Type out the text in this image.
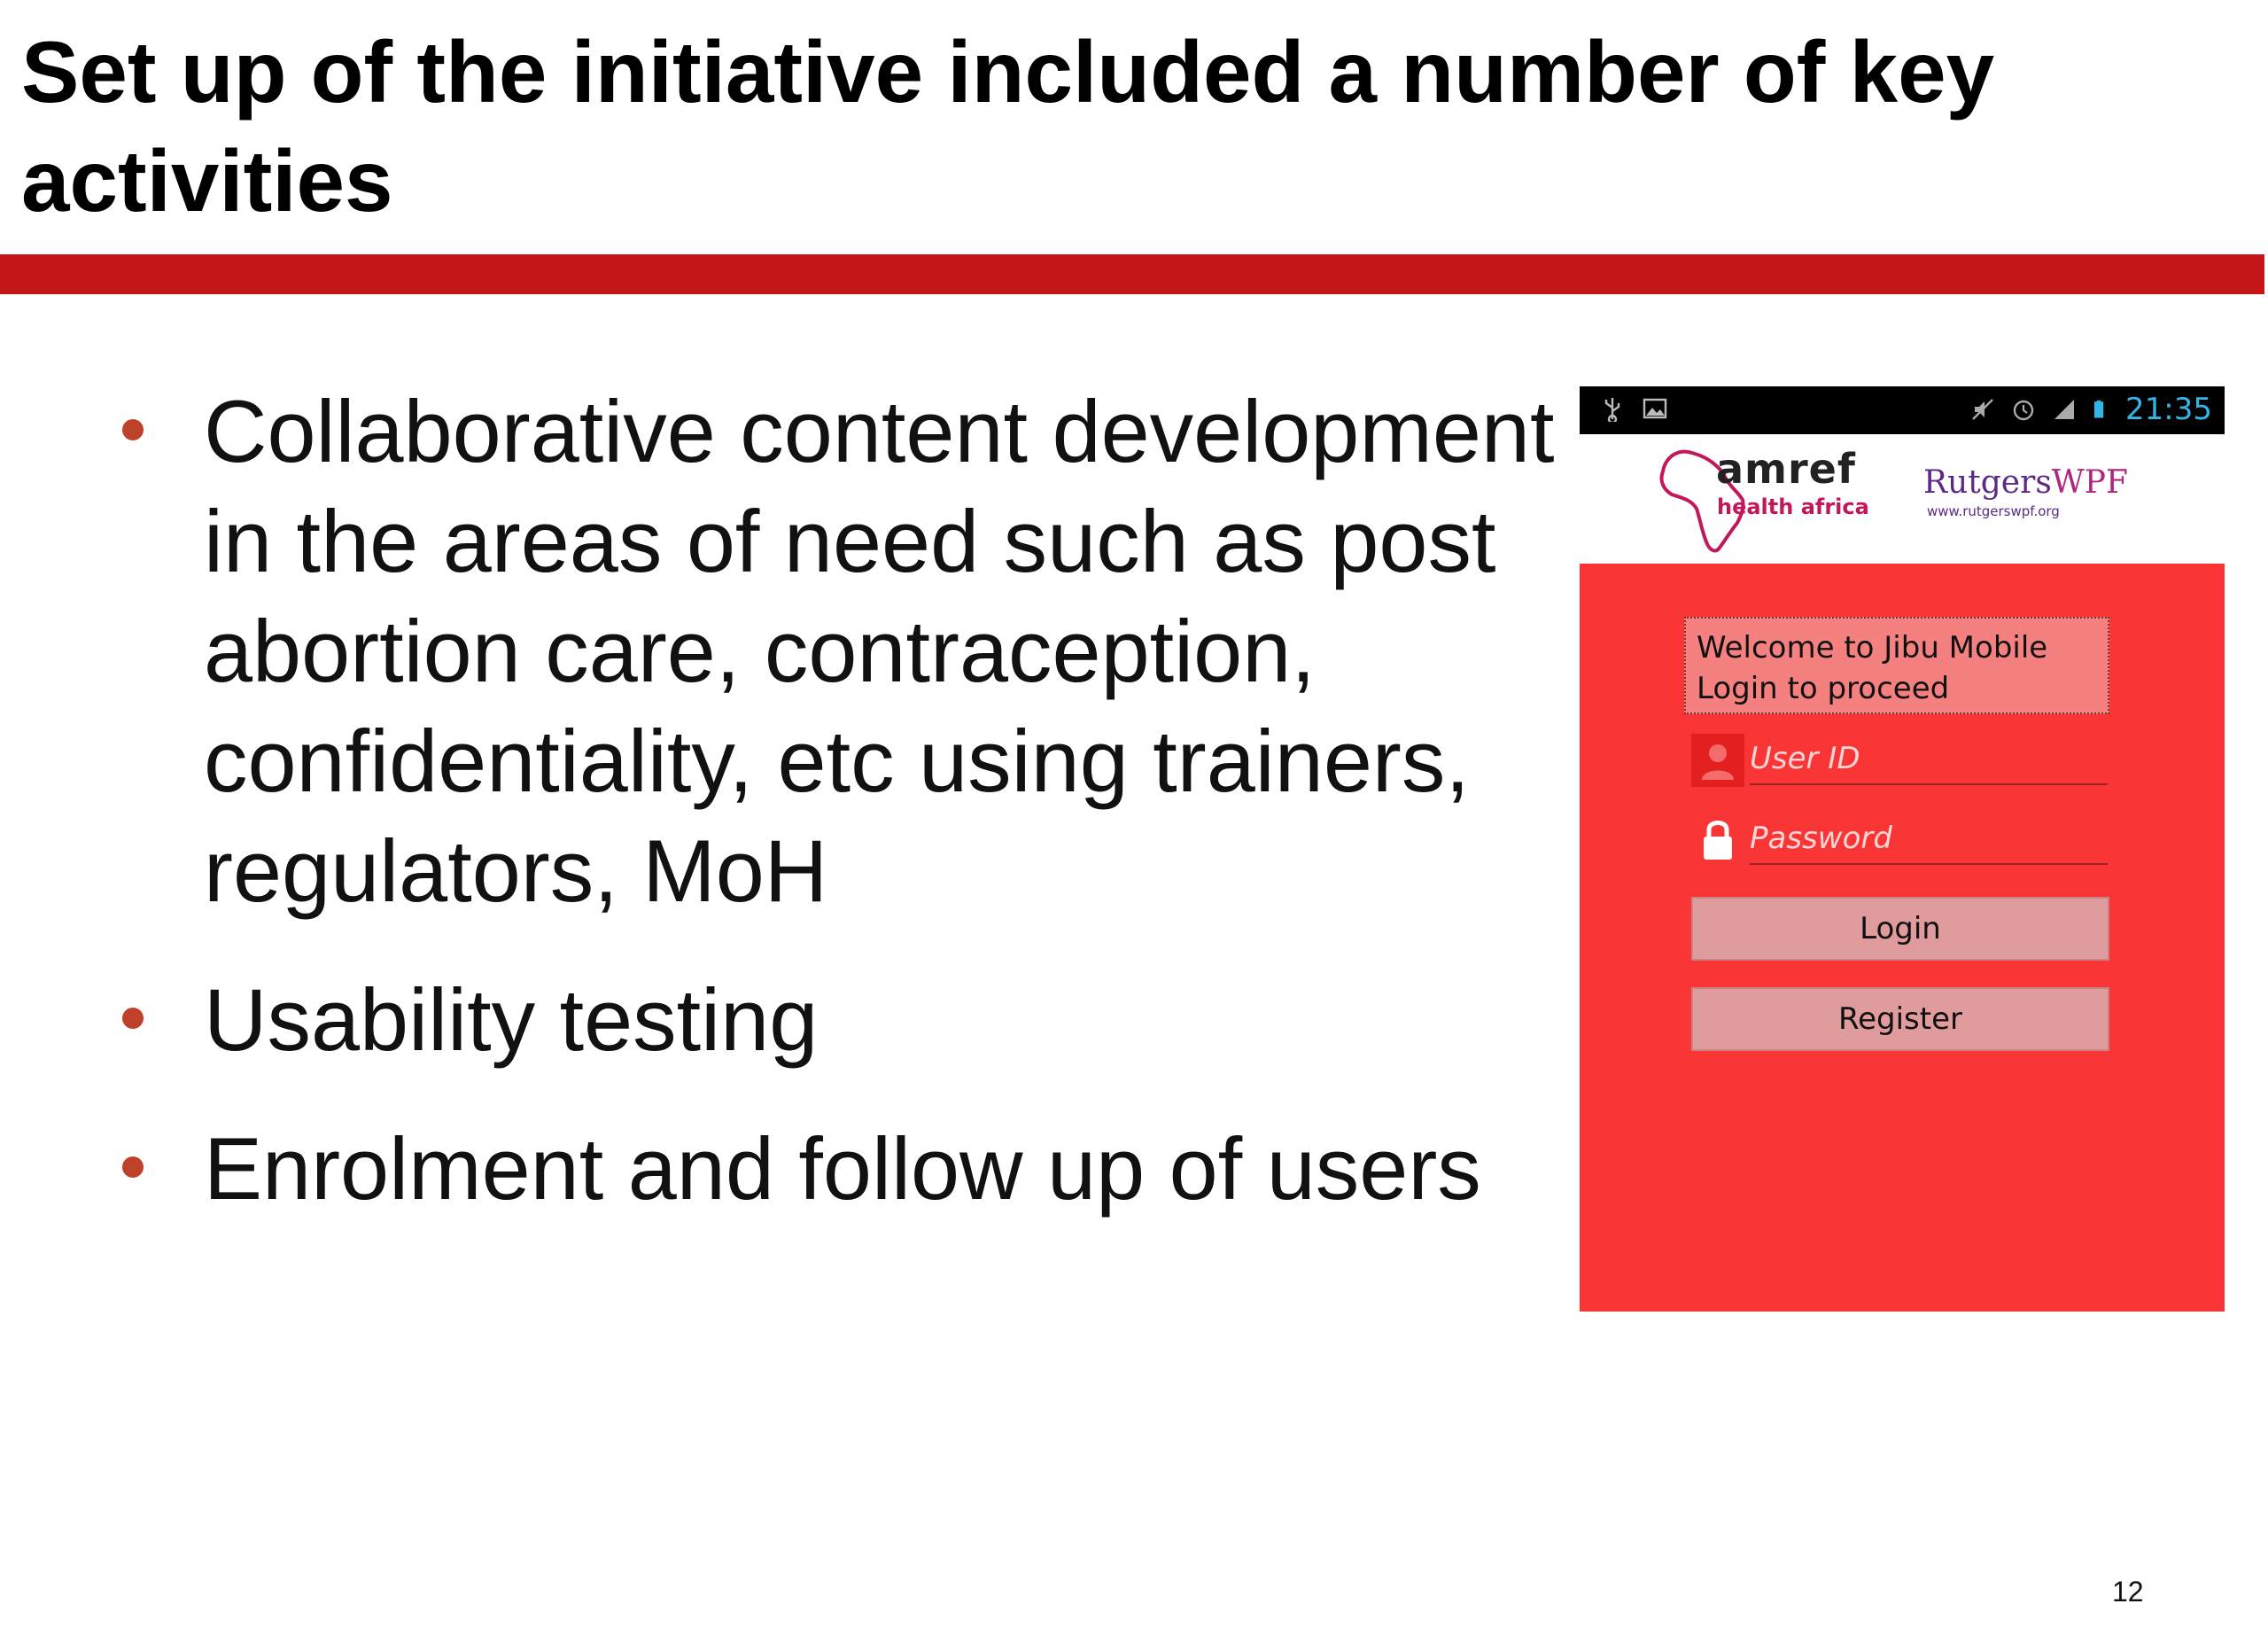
Set up of the initiative included a number of key activities
Collaborative content development in the areas of need such as post abortion care, contraception, confidentiality, etc using trainers, regulators, MoH
Usability testing
Enrolment and follow up of users
21:35
amref
health africa
RutgersWPF
www.rutgerswpf.org
Welcome to Jibu Mobile
Login to proceed
User ID
Login
Register
12
